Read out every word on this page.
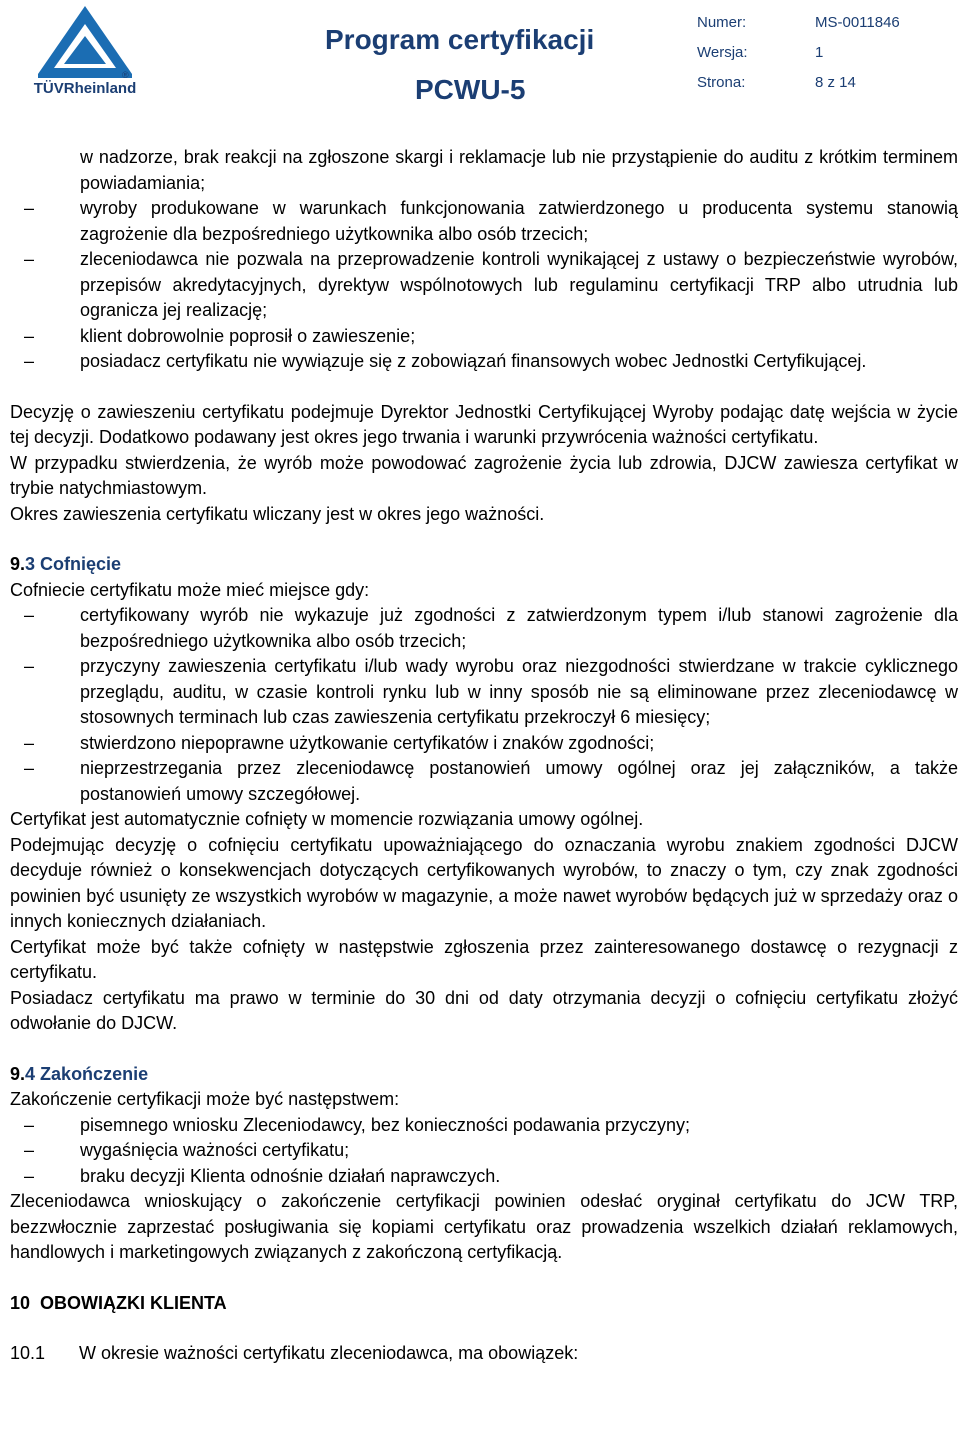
TÜVRheinland
®
Program certyfikacji
PCWU-5
Numer:	MS-0011846
Wersja:	1
Strona:	8 z 14
w nadzorze, brak reakcji na zgłoszone skargi i reklamacje lub nie przystąpienie do auditu z krótkim terminem powiadamiania;
–	wyroby produkowane w warunkach funkcjonowania zatwierdzonego u producenta systemu stanowią zagrożenie dla bezpośredniego użytkownika albo osób trzecich;
–	zleceniodawca nie pozwala na przeprowadzenie kontroli wynikającej z ustawy o bezpieczeństwie wyrobów, przepisów akredytacyjnych, dyrektyw wspólnotowych lub regulaminu certyfikacji TRP albo utrudnia lub ogranicza jej realizację;
–	klient dobrowolnie poprosił o zawieszenie;
–	posiadacz certyfikatu nie wywiązuje się z zobowiązań finansowych wobec Jednostki Certyfikującej.

Decyzję o zawieszeniu certyfikatu podejmuje Dyrektor Jednostki Certyfikującej Wyroby podając datę wejścia w życie tej decyzji. Dodatkowo podawany jest okres jego trwania i warunki przywrócenia ważności certyfikatu.

W przypadku stwierdzenia, że wyrób może powodować zagrożenie życia lub zdrowia, DJCW zawiesza certyfikat w trybie natychmiastowym.

Okres zawieszenia certyfikatu wliczany jest w okres jego ważności.

9.3 Cofnięcie

Cofniecie certyfikatu może mieć miejsce gdy:

–	certyfikowany wyrób nie wykazuje już zgodności z zatwierdzonym typem i/lub stanowi zagrożenie dla bezpośredniego użytkownika albo osób trzecich;
–	przyczyny zawieszenia certyfikatu i/lub wady wyrobu oraz niezgodności stwierdzane w trakcie cyklicznego przeglądu, auditu, w czasie kontroli rynku lub w inny sposób nie są eliminowane przez zleceniodawcę w stosownych terminach lub czas zawieszenia certyfikatu przekroczył 6 miesięcy;
–	stwierdzono niepoprawne użytkowanie certyfikatów i znaków zgodności;
–	nieprzestrzegania przez zleceniodawcę postanowień umowy ogólnej oraz jej załączników, a także postanowień umowy szczegółowej.

Certyfikat jest automatycznie cofnięty w momencie rozwiązania umowy ogólnej.

Podejmując decyzję o cofnięciu certyfikatu upoważniającego do oznaczania wyrobu znakiem zgodności DJCW decyduje również o konsekwencjach dotyczących certyfikowanych wyrobów, to znaczy o tym, czy znak zgodności powinien być usunięty ze wszystkich wyrobów w magazynie, a może nawet wyrobów będących już w sprzedaży oraz o innych koniecznych działaniach.

Certyfikat może być także cofnięty w następstwie zgłoszenia przez zainteresowanego dostawcę o rezygnacji z certyfikatu.

Posiadacz certyfikatu ma prawo w terminie do 30 dni od daty otrzymania decyzji o cofnięciu certyfikatu złożyć odwołanie do DJCW.

9.4 Zakończenie

Zakończenie certyfikacji może być następstwem:

–	pisemnego wniosku Zleceniodawcy, bez konieczności podawania przyczyny;
–	wygaśnięcia ważności certyfikatu;
–	braku decyzji Klienta odnośnie działań naprawczych.

Zleceniodawca wnioskujący o zakończenie certyfikacji powinien odesłać oryginał certyfikatu do JCW TRP, bezzwłocznie zaprzestać posługiwania się kopiami certyfikatu oraz prowadzenia wszelkich działań reklamowych, handlowych i marketingowych związanych z zakończoną certyfikacją.

10  OBOWIĄZKI KLIENTA

10.1 W okresie ważności certyfikatu zleceniodawca, ma obowiązek:
